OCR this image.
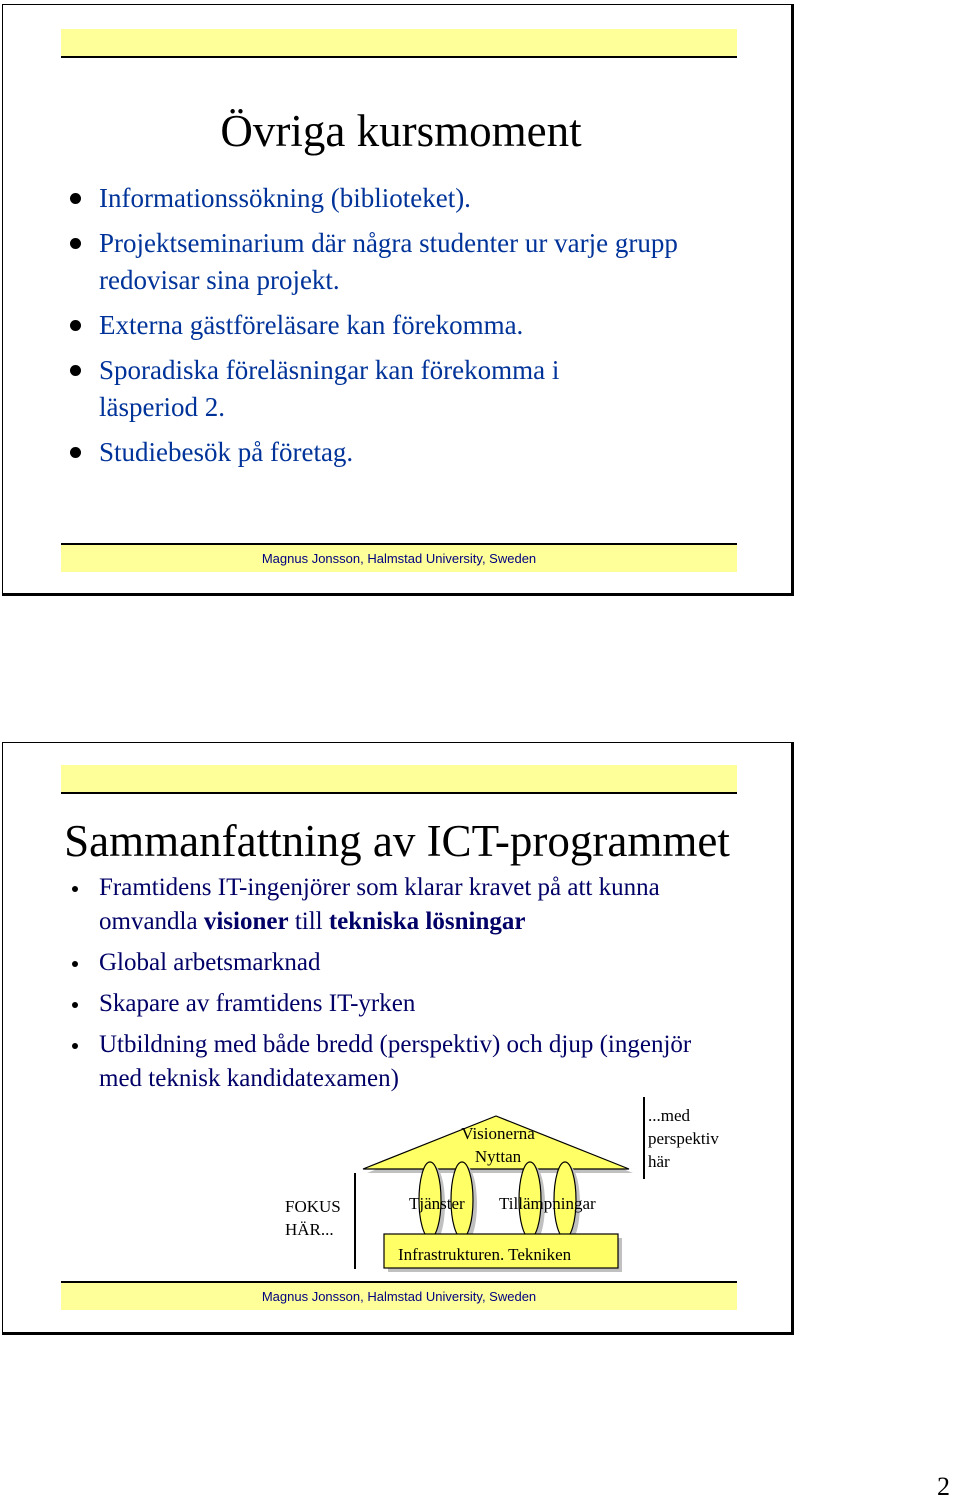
Övriga kursmoment
Informationssökning (biblioteket).
Projektseminarium där några studenter ur varje grupp redovisar sina projekt.
Externa gästföreläsare kan förekomma.
Sporadiska föreläsningar kan förekomma i läsperiod 2.
Studiebesök på företag.
Magnus Jonsson, Halmstad University, Sweden
Sammanfattning av ICT-programmet
Framtidens IT-ingenjörer som klarar kravet på att kunna omvandla visioner till tekniska lösningar
Global arbetsmarknad
Skapare av framtidens IT-yrken
Utbildning med både bredd (perspektiv) och djup (ingenjör med teknisk kandidatexamen)
Visionerna
Nyttan
Tjänster Tillämpningar
Infrastrukturen. Tekniken
FOKUS
HÄR...
...med
perspektiv
här
Magnus Jonsson, Halmstad University, Sweden
2
